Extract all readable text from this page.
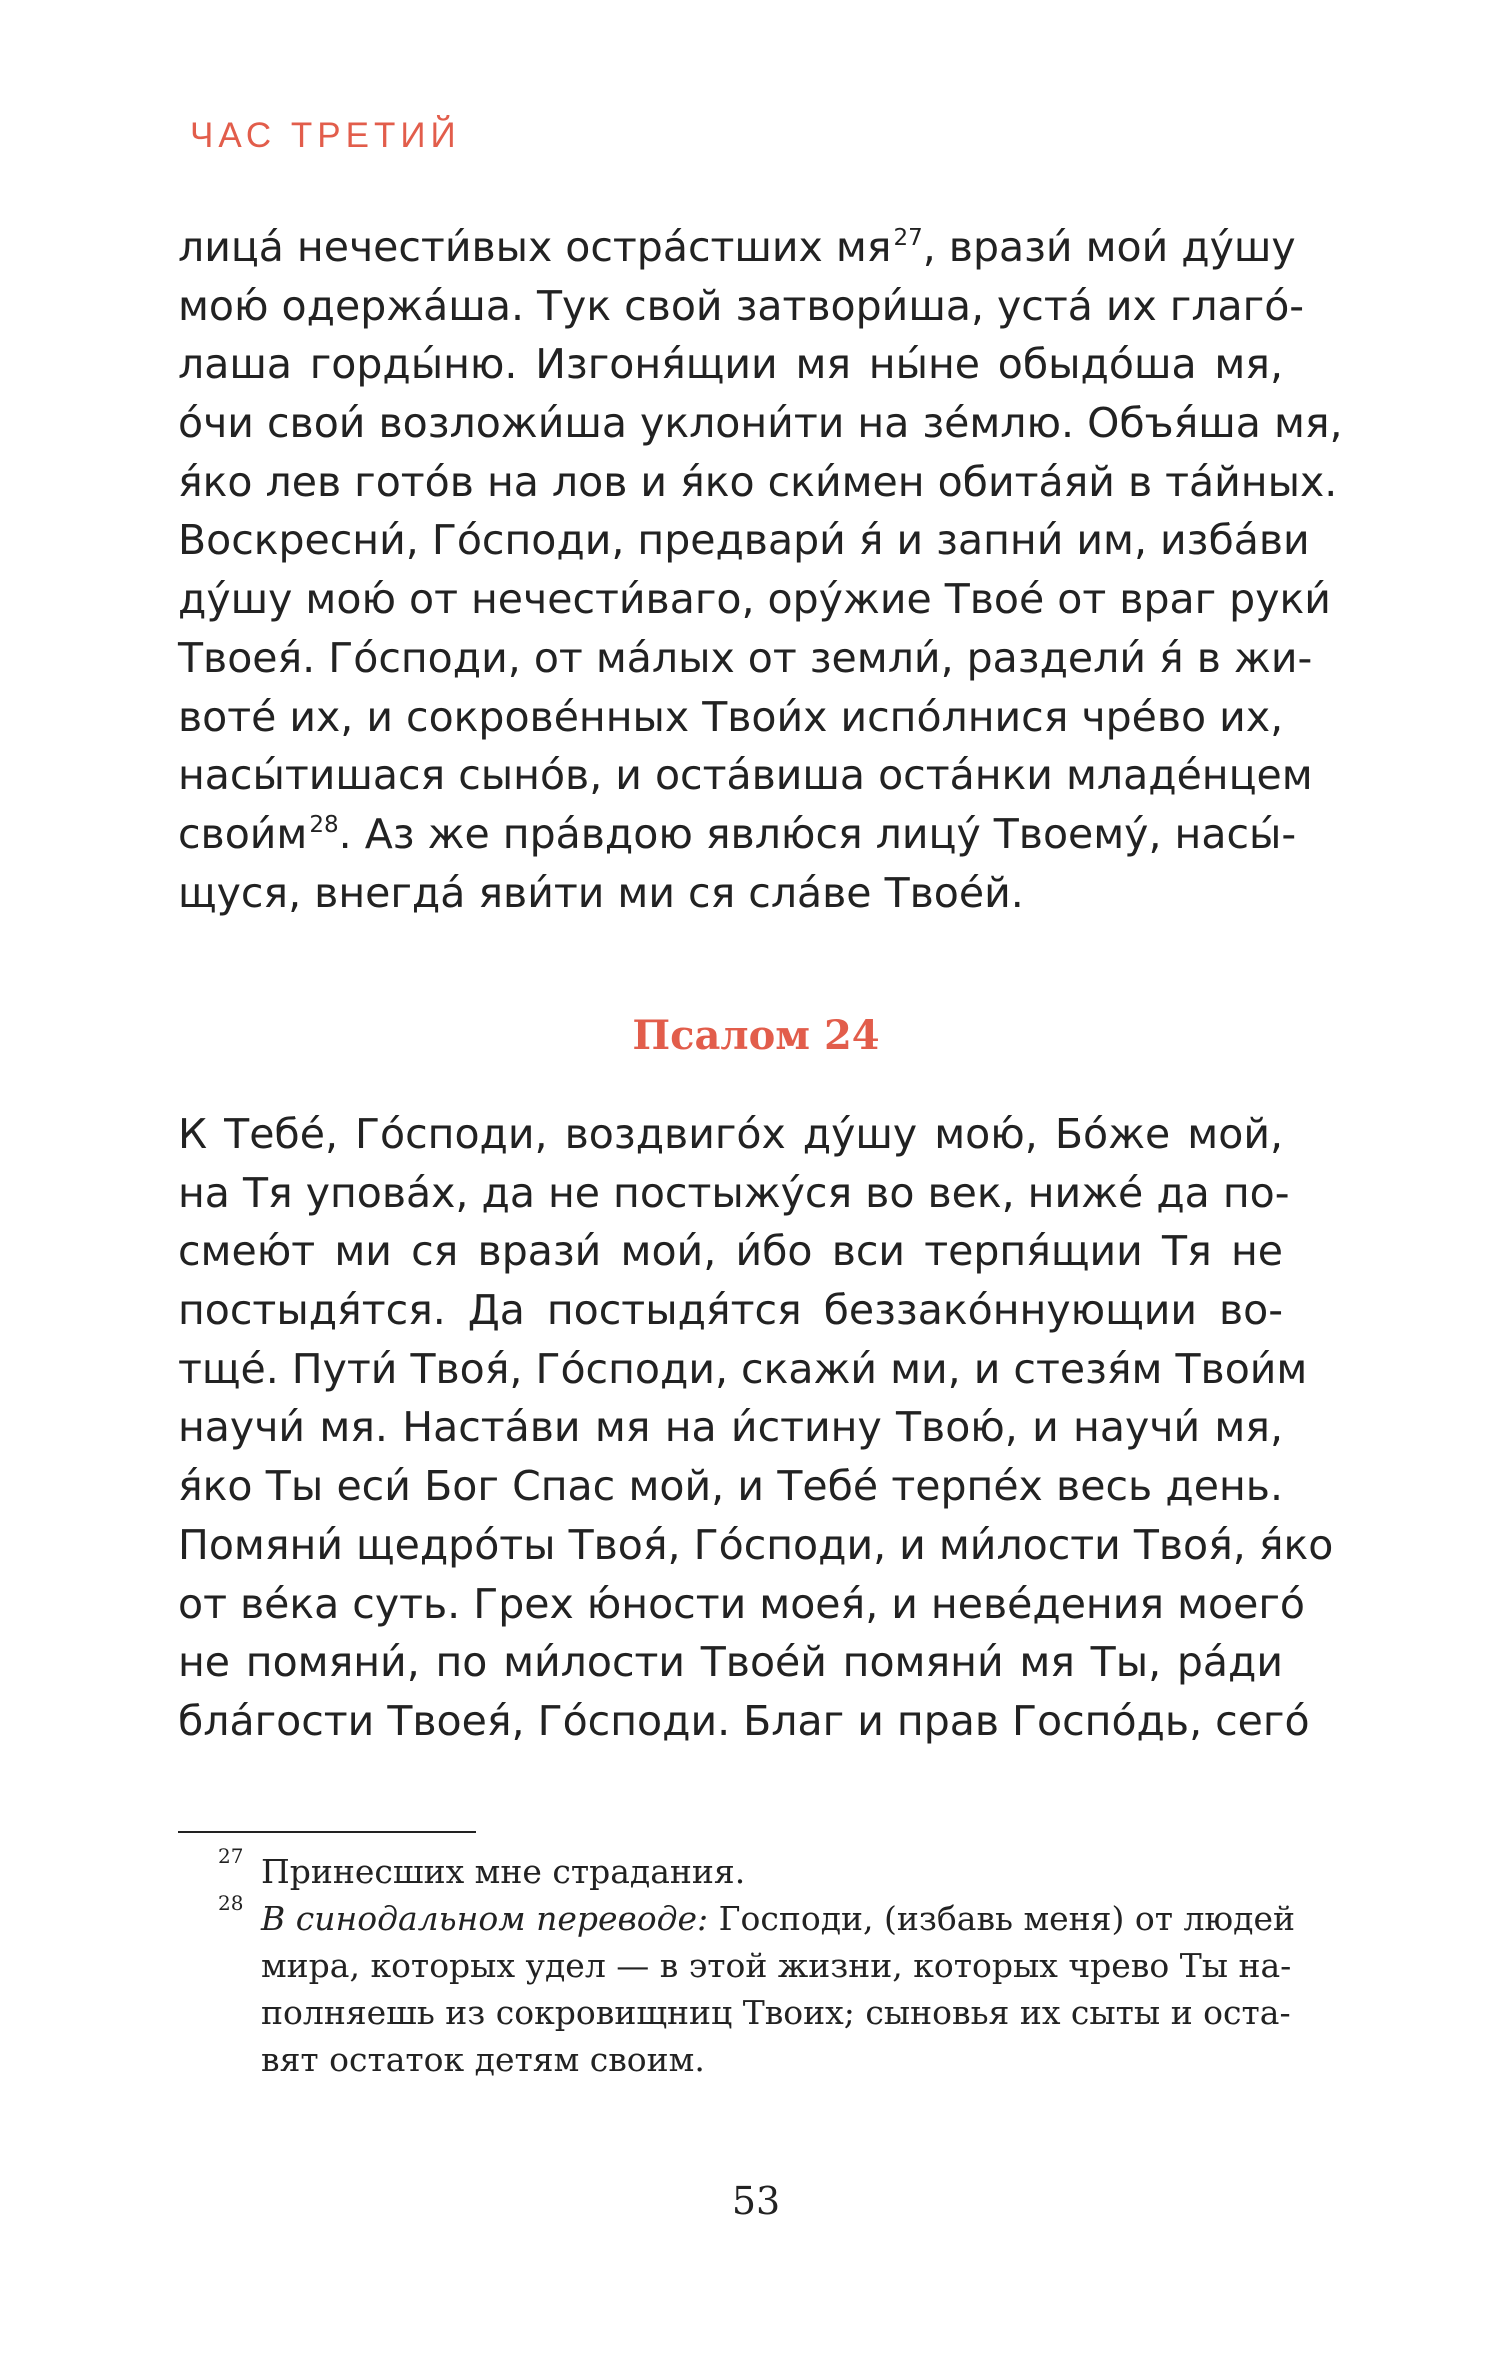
ЧАС ТРЕТИЙ

лица́ нечести́вых остра́стших мя$^{27}$, врази́ мои́ ду́шу
мою́ одержа́ша. Тук свой затвори́ша, уста́ их глаго́-
лаша горды́ню. Изгоня́щии мя ны́не обыдо́ша мя,
о́чи свои́ возложи́ша уклони́ти на зе́млю. Объя́ша мя,
я́ко лев гото́в на лов и я́ко ски́мен обита́яй в та́йных.
Воскресни́, Го́споди, предвари́ я́ и запни́ им, изба́ви
ду́шу мою́ от нечести́ваго, ору́жие Твое́ от враг руки́
Твоея́. Го́споди, от ма́лых от земли́, раздели́ я́ в жи-
воте́ их, и сокрове́нных Твои́х испо́лнися чре́во их,
насы́тишася сыно́в, и оста́виша оста́нки младе́нцем
свои́м$^{28}$. Аз же пра́вдою явлю́ся лицу́ Твоему́, насы́-
щуся, внегда́ яви́ти ми ся сла́ве Твое́й.
Псалом 24
К Тебе́, Го́споди, воздвиго́х ду́шу мою́, Бо́же мой,
на Тя упова́х, да не постыжу́ся во век, ниже́ да по-
смею́т ми ся врази́ мои́, и́бо вси терпя́щии Тя не
постыдя́тся. Да постыдя́тся беззако́ннующии во-
тще́. Пути́ Твоя́, Го́споди, скажи́ ми, и стезя́м Твои́м
научи́ мя. Наста́ви мя на и́стину Твою́, и научи́ мя,
я́ко Ты еси́ Бог Спас мой, и Тебе́ терпе́х весь день.
Помяни́ щедро́ты Твоя́, Го́споди, и ми́лости Твоя́, я́ко
от ве́ка суть. Грех ю́ности моея́, и неве́дения моего́
не помяни́, по ми́лости Твое́й помяни́ мя Ты, ра́ди
бла́гости Твоея́, Го́споди. Благ и прав Госпо́дь, сего́
27 Принесших мне страдания.
28 В синодальном переводе: Господи, (избавь меня) от людей
мира, которых удел — в этой жизни, которых чрево Ты на-
полняешь из сокровищниц Твоих; сыновья их сыты и оста-
вят остаток детям своим.

53
